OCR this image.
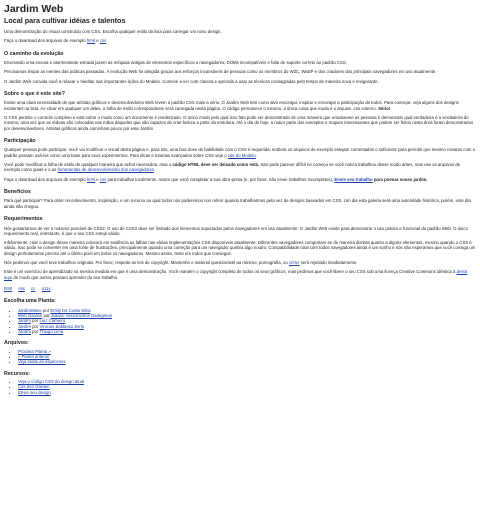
Jardim Web
Local para cultivar idéias e talentos

Uma demonstração do visual construído com CSS. Escolha qualquer estilo da lista para carregar um novo design.

Faça o download dos arquivos de exemplo html e css

O caminho da evolução

Enxerando uma escura e atormentante estrada jazem as relíquias antigas de elementos específicos a navegadores, DOMs incompatíveis e falta de suporte correto ao padrão CSS.

Precisamos limpar as mentes das práticas passadas. A evolução Web foi atingida graças aos esforços incansáveis de pessoas como os membros do W3C, WaSP e dos criadores dos principais navegadores em uso atualmente.

O Jardim Web convida você a relaxar e meditar nas importantes lições do Modelo. Comece a ver com clareza e aprenda a usar as técnicas consagradas pelo tempo de maneira nova e revigorante.

Sobre o que é este site?

Existe uma clara necessidade de que artistas gráficos e desenvolvedores Web levem a padrão CSS mais a sério. O Jardim Web tem como alvo encorajar, inspirar e encorajar a participação de todos. Para começar, veja alguns dos designs existentes na lista. Ao clicar em qualquer um deles, a folha de estilo correspondente será carregada nesta página. O código permanece o mesmo, a única coisa que muda é o arquivo .css externo. Sério!

O CSS permite o controle completo e total sobre o modo como um documento é renderizado. O único modo pelo qual isso fato pode ser demonstrado de uma maneira que entusiasme as pessoas é demonstrar qual verdadeira é a verdadeira do mesmo, uma vez que as rédeas são colocadas nas mãos daqueles que são capazes de criar beleza a partir da estrutura. Até o dia de hoje, a maior parte dos exemplos e truques interessantes que podem ser feitos nesta área foram demonstrados por desenvolvedores. Artistas gráficos ainda caminham pouco por este Jardim.

Participação

Qualquer pessoa pode participar. Você vai modificar o visual desta página e, para isto, uma boa dose de habilidade com o CSS é requerida, embora os arquivos de exemplo estejam comentados o suficiente para permitir que mesmo novatos com o padrão possam usá-los como uma base para seus experimentos. Para dicas e tutoriais avançados sobre CSS veja o site do Modelo.

Você pode modificar a folha de estilo de qualquer maneira que achar necessária, mas o código HTML deve ser deixado como está. Isso pode parecer difícil no começo se você nunca trabalhou desse modo antes, mas use os arquivos de exemplo como guias e o as ferramentas de desenvolvimento dos navegadores.

Faça o download dos arquivos de exemplo html e css para trabalhar localmente. Assim que você completar a sua obra-prima (e, por favor, não envie trabalhos incompletos), Envie seu trabalho para povoar nosso jardim.

Benefícios

Para quê participar? Para obter reconhecimento, inspiração, e um recurso ao qual todos nós poderemos nos referir quando trabalharmos pela vez de designs baseados em CSS. Um dia esta galeria será uma autoridade histórica, porém, este dia ainda não chegou.

Requerimentos

Nós gostaríamos de ver o máximo possível de CSS2. O uso de CSS3 deve ser limitado aos elementos suportados pelos navegadores em uso atualmente. O Jardim Web existe para demonstrar o uso prático e funcional do padrão Web. O único requerimento real, entretanto, é que o seu CSS esteja válido.

Infelizmente, criar o design desse maneira colocará em evidência as falhas nas várias implementações CSS disponíveis atualmente. Diferentes navegadores comportam-se de maneira distinta quanto a alguns elementos, mesmo quando o CSS é válido. Isso pode se converter em uma fonte de frustrações, principalmente quando uma correção para um navegador quebra algo noutro. Compatibilidade total com todos navegadores ainda é um sonho e nós não esperamos que você consiga um design perfeitamente preciso até o último pixel em todos os navegadores. Mesmo assim, teste em todos que conseguir.

Nós pedimos que você teve trabalhos originais. Por favor, respeite as leis de copyright. Mantenha o material questionável ao mínimo; pornografia, ou crime será rejeitado imediatamente.

Este é um exercício de aprendizado na mesma medida em que é uma demonstração. Você mantém o copyright completo de todos os seus gráficos, mas pedimos que você libere o seu CSS sob uma licença Creative Commons idêntica à desta aqui de modo que outros possam aprender do seu trabalho.

html css cc a11y
Escolha uma Planta:
• JardimWave por Emily Da Costa Silva
• Web Garden por Juliano Vasconcelos Dadegreus
• Jardim por Luiz Carneiro
• Jardim por Vinicius Baldasso Zerlo
• Jardim por Thiago Lima
Arquivos:
• Próxima Planta »
• « Planta anterior
• Veja todas as espécimes
Recursos:
• Veja o código CSS do design atual
• Css Zen Garden
• Envie seu design
